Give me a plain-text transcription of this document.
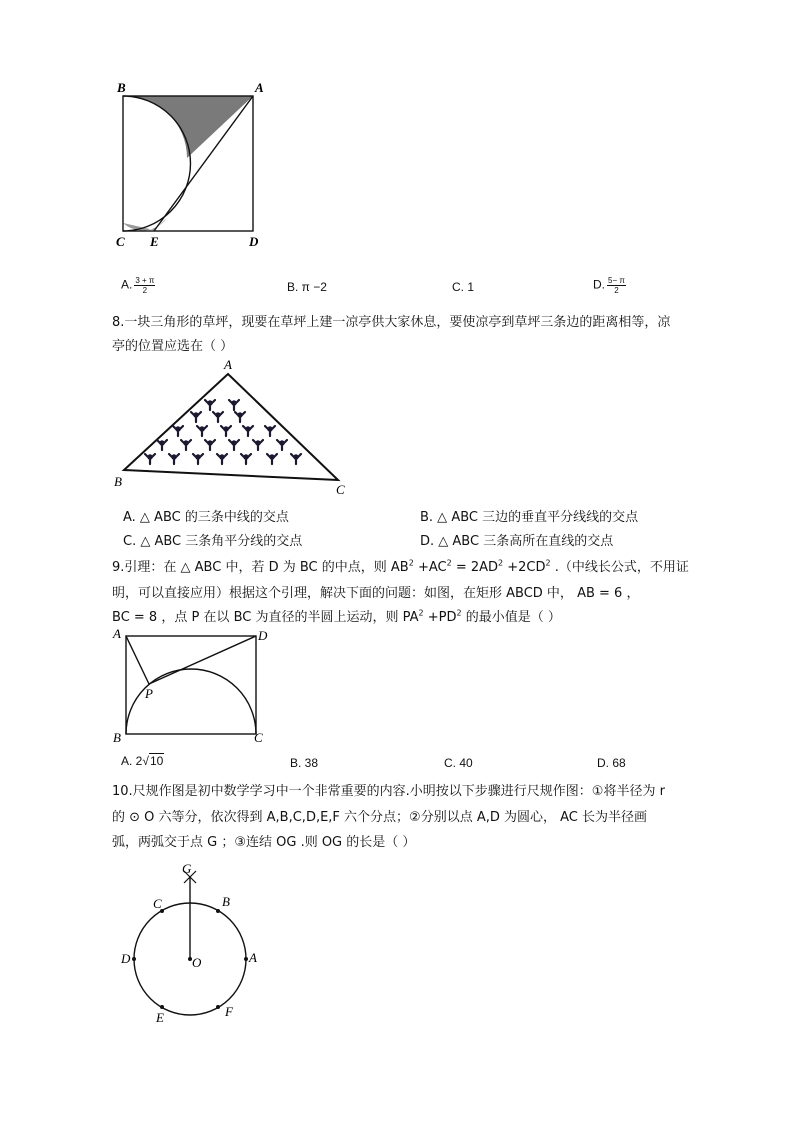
B	A
C E	D
A. $\frac{3 + \pi}{2}$	B. π −2	C. 1	D. $\frac{5- \pi}{2}$
8.一块三角形的草坪，现要在草坪上建一凉亭供大家休息，要使凉亭到草坪三条边的距离相等，凉
亭的位置应选在（ ）
A
B
C
A. △ ABC 的三条中线的交点	B. △ ABC 三边的垂直平分线线的交点
C. △ ABC 三条角平分线的交点	D. △ ABC 三条高所在直线的交点
9.引理：在 △ ABC 中，若 D 为 BC 的中点，则 $AB^2 +AC^2 = 2AD^2 +2CD^2$ .（中线长公式，不用证
明，可以直接应用）根据这个引理，解决下面的问题：如图，在矩形 ABCD 中， AB = 6 ，
BC = 8 ，点 P 在以 BC 为直径的半圆上运动，则 $PA^2 +PD^2$ 的最小值是（ ）
A	D
P
B	C
A. 2√10	B. 38	C. 40	D. 68
10.尺规作图是初中数学学习中一个非常重要的内容.小明按以下步骤进行尺规作图：①将半径为 r
的 ⊙ O 六等分，依次得到 A,B,C,D,E,F 六个分点；②分别以点 A,D 为圆心， AC 长为半径画
弧，两弧交于点 G ；③连结 OG .则 OG 的长是（ ）
G
C	B
D	O	A
E	F
